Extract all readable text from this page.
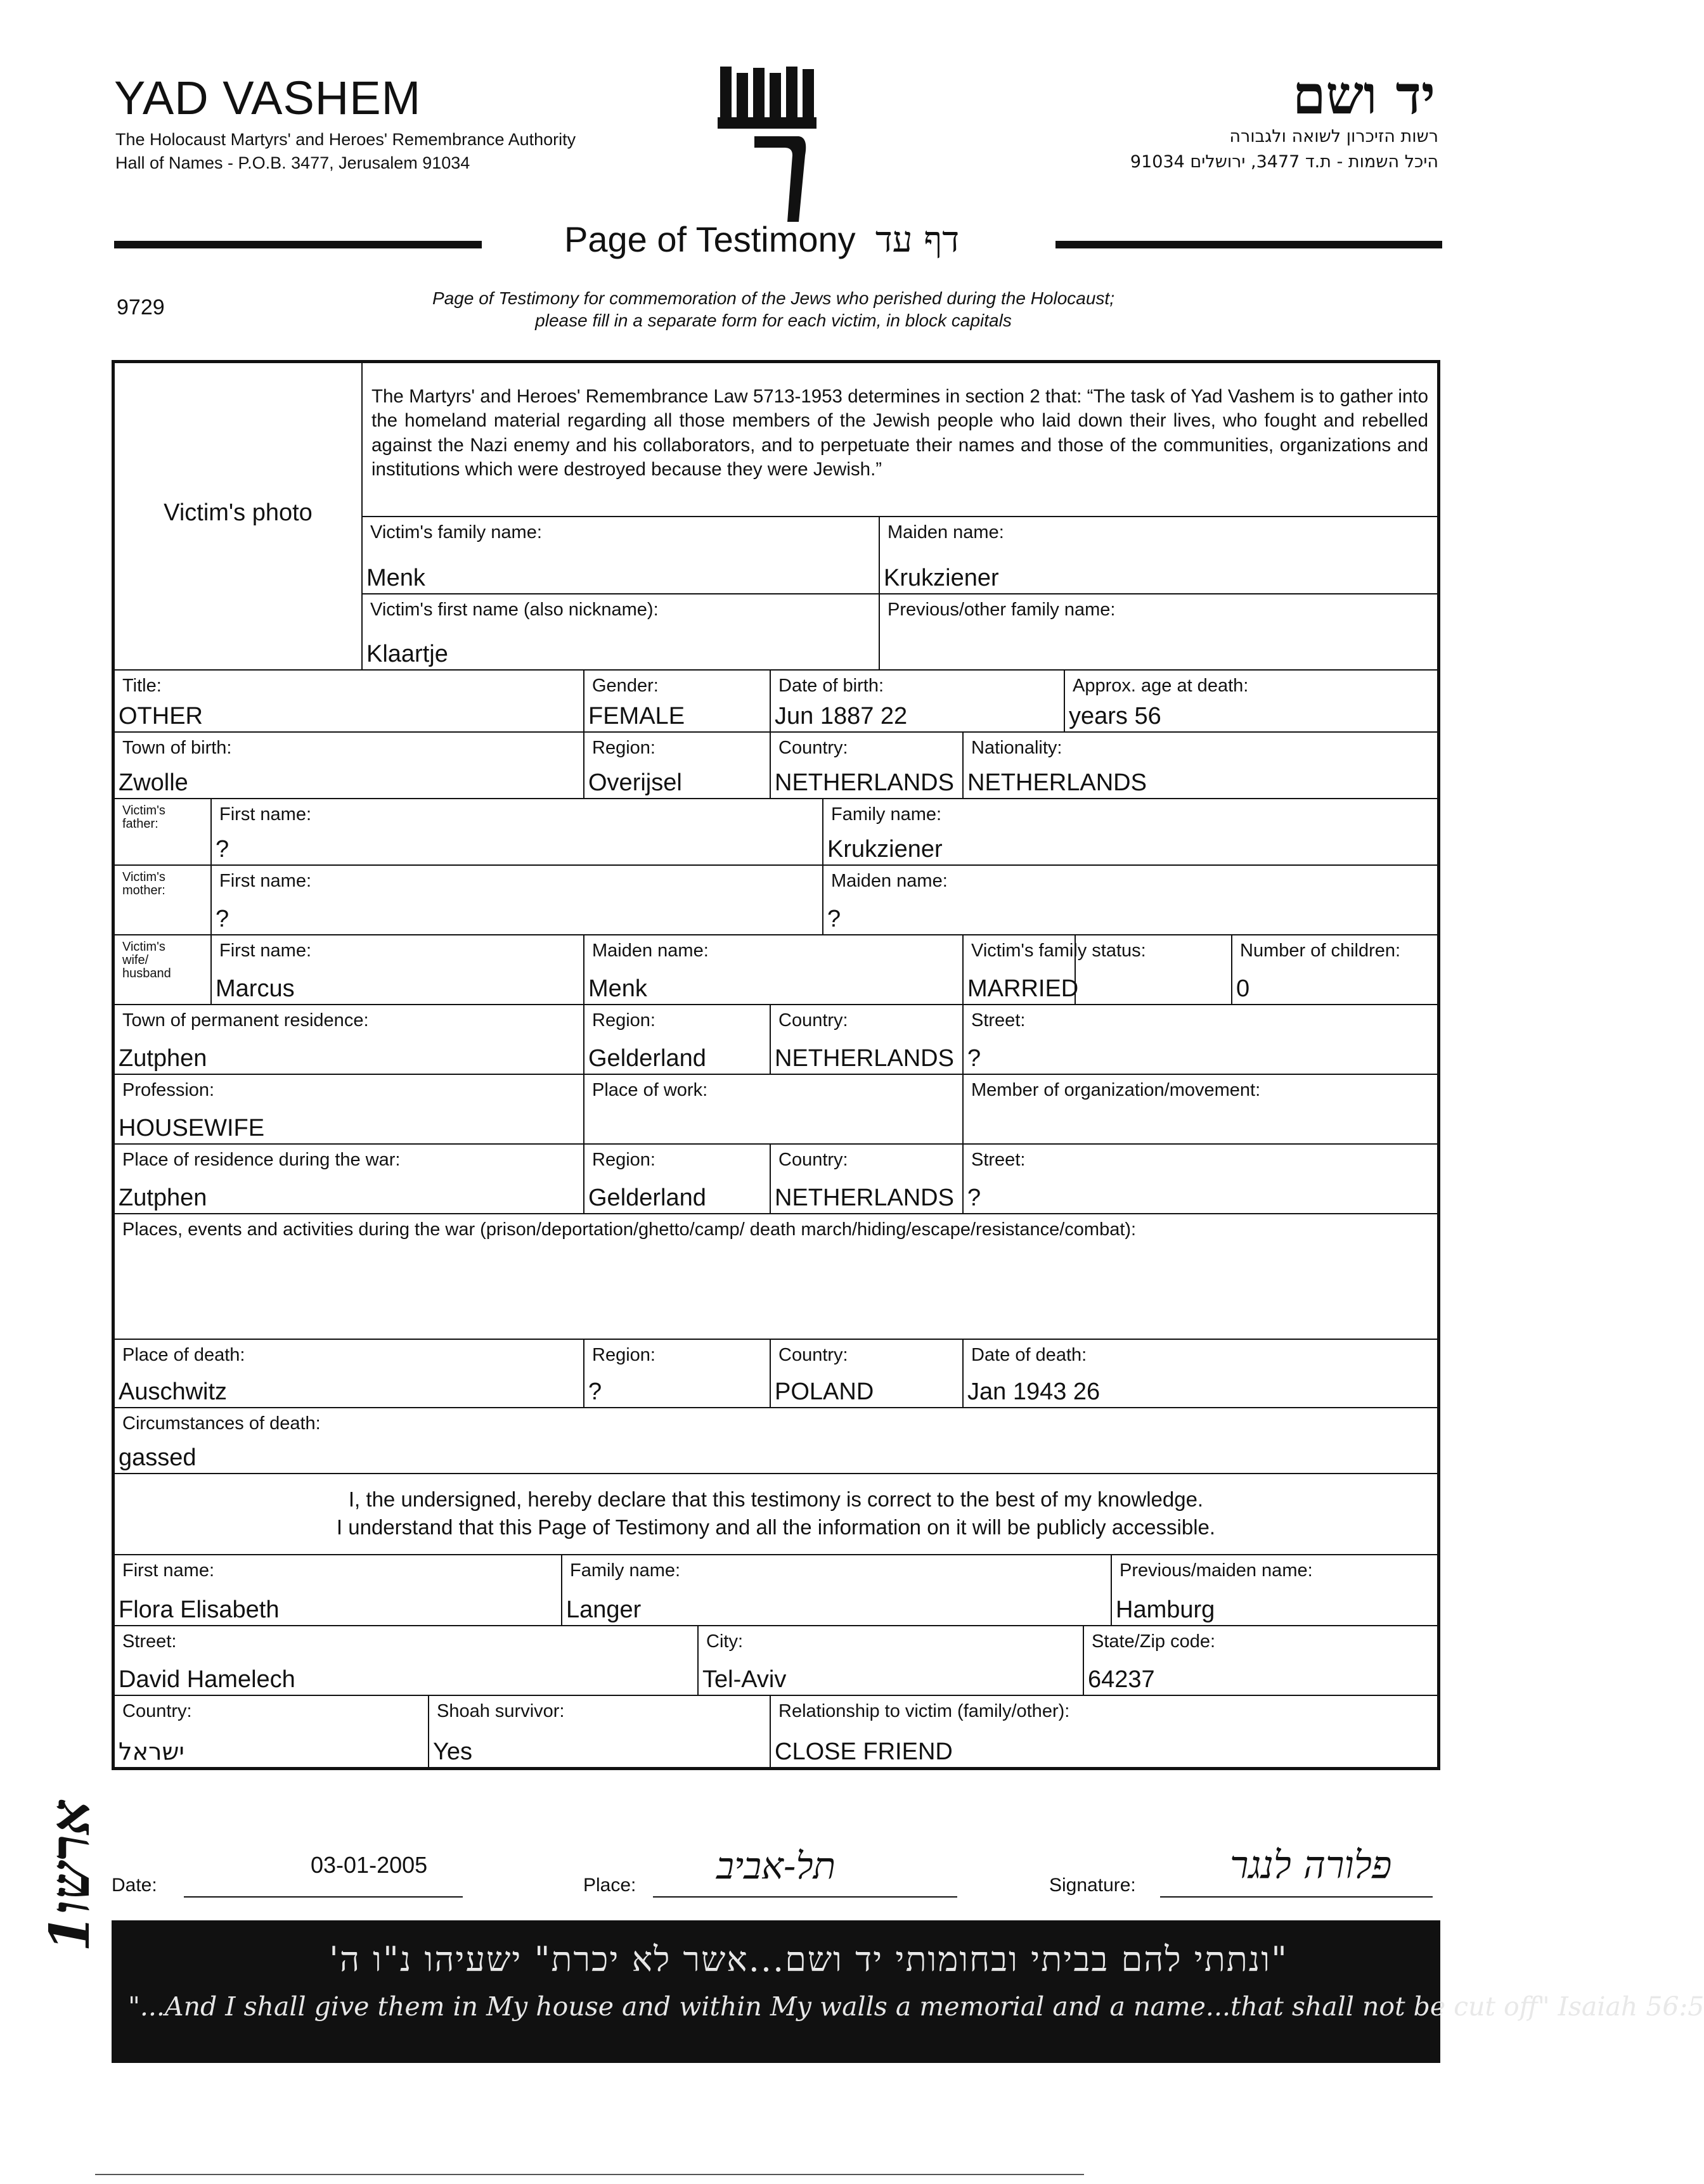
YAD VASHEM
The Holocaust Martyrs' and Heroes' Remembrance Authority
Hall of Names - P.O.B. 3477, Jerusalem 91034
יד ושם
רשות הזיכרון לשואה ולגבורה
היכל השמות - ת.ד 3477, ירושלים 91034
Page of Testimony דף עד
9729	Page of Testimony for commemoration of the Jews who perished during the Holocaust;
please fill in a separate form for each victim, in block capitals
Victim's photo
The Martyrs' and Heroes' Remembrance Law 5713-1953 determines in section 2 that: “The task of Yad Vashem is to gather into the homeland material regarding all those members of the Jewish people who laid down their lives, who fought and rebelled against the Nazi enemy and his collaborators, and to perpetuate their names and those of the communities, organizations and institutions which were destroyed because they were Jewish.”
Victim's family name:
Menk
Maiden name:
Krukziener
Victim's first name (also nickname):
Klaartje
Previous/other family name:
Title:
OTHER
Gender:
FEMALE
Date of birth:
Jun 1887 22
Approx. age at death:
years 56
Town of birth:
Zwolle
Region:
Overijsel
Country:
NETHERLANDS
Nationality:
NETHERLANDS
Victim's father:	First name:
?
Family name:
Krukziener
Victim's mother:	First name:
?
Maiden name:
?
Victim's wife/ husband
First name:
Marcus
Maiden name:
Menk
Victim's family status:
MARRIED
Number of children:
0
Town of permanent residence:
Zutphen
Region:
Gelderland
Country:
NETHERLANDS
Street:
?
Profession:
HOUSEWIFE
Place of work:	Member of organization/movement:
Place of residence during the war:
Zutphen
Region:
Gelderland
Country:
NETHERLANDS
Street:
?
Places, events and activities during the war (prison/deportation/ghetto/camp/ death march/hiding/escape/resistance/combat):
Place of death:
Auschwitz
Region:
?
Country:
POLAND
Date of death:
Jan 1943 26
Circumstances of death:
gassed
I, the undersigned, hereby declare that this testimony is correct to the best of my knowledge.
I understand that this Page of Testimony and all the information on it will be publicly accessible.
First name:
Flora Elisabeth
Family name:
Langer
Previous/maiden name:
Hamburg
Street:
David Hamelech
City:
Tel-Aviv
State/Zip code:
64237
Country:
ישראל
Shoah survivor:
Yes
Relationship to victim (family/other):
CLOSE FRIEND
Date:
03-01-2005
Place: תל-אביב	Signature: פלורה לנגר
"ונתתי להם בביתי ובחומותי יד ושם...אשר לא יכרת" ישעיהו נ"ו ה'
"...And I shall give them in My house and within My walls a memorial and a name...that shall not be cut off" Isaiah 56:5
1ארשו
